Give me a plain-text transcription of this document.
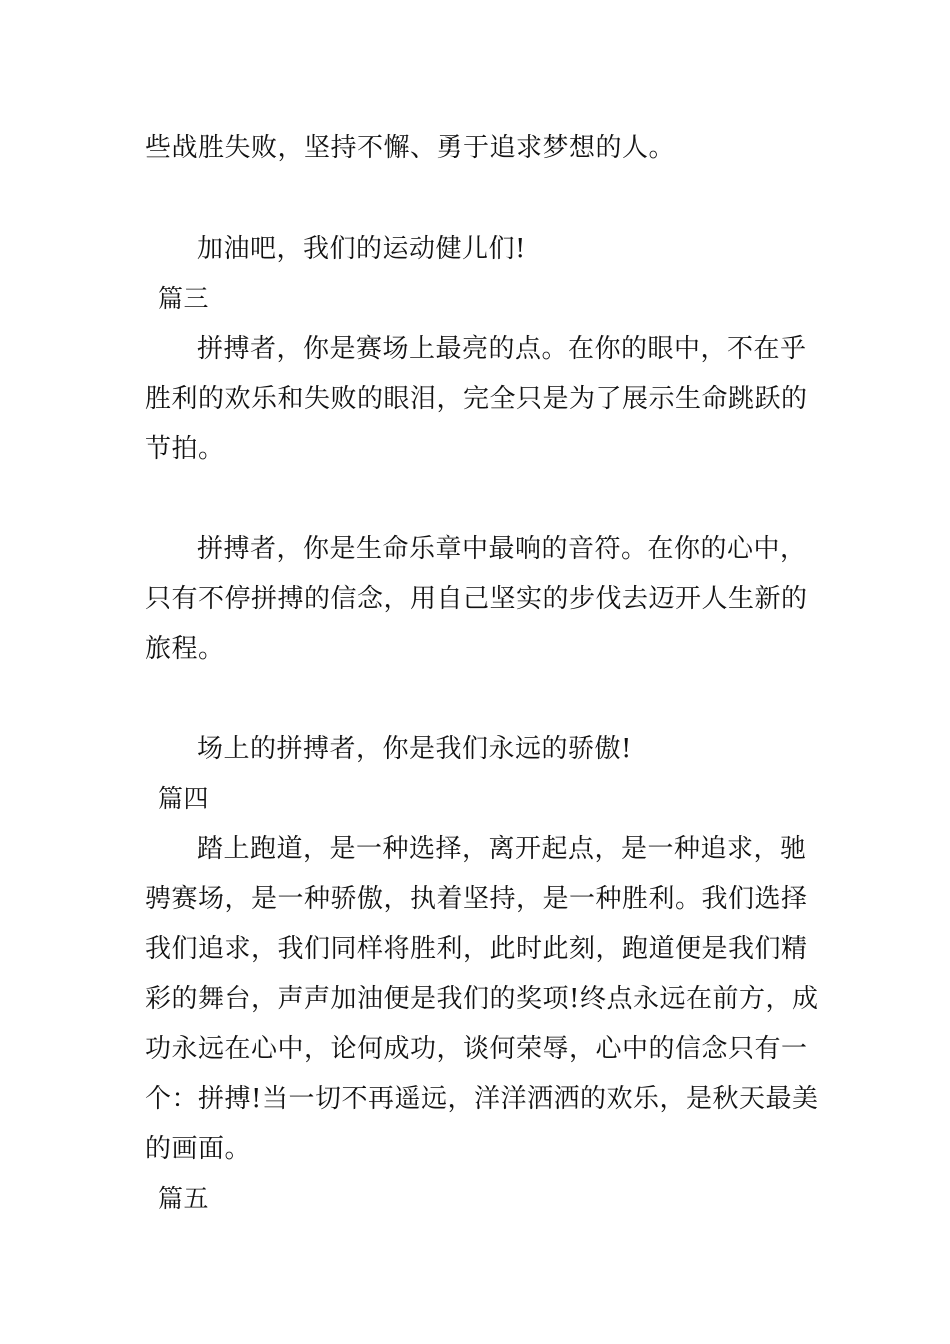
些战胜失败，坚持不懈、勇于追求梦想的人。
加油吧，我们的运动健儿们!
篇三
拼搏者，你是赛场上最亮的点。在你的眼中，不在乎
胜利的欢乐和失败的眼泪，完全只是为了展示生命跳跃的
节拍。
拼搏者，你是生命乐章中最响的音符。在你的心中，
只有不停拼搏的信念，用自己坚实的步伐去迈开人生新的
旅程。
场上的拼搏者，你是我们永远的骄傲!
篇四
踏上跑道，是一种选择，离开起点，是一种追求，驰
骋赛场，是一种骄傲，执着坚持，是一种胜利。我们选择
我们追求，我们同样将胜利，此时此刻，跑道便是我们精
彩的舞台，声声加油便是我们的奖项!终点永远在前方，成
功永远在心中，论何成功，谈何荣辱，心中的信念只有一
个：拼搏!当一切不再遥远，洋洋洒洒的欢乐，是秋天最美
的画面。
篇五
